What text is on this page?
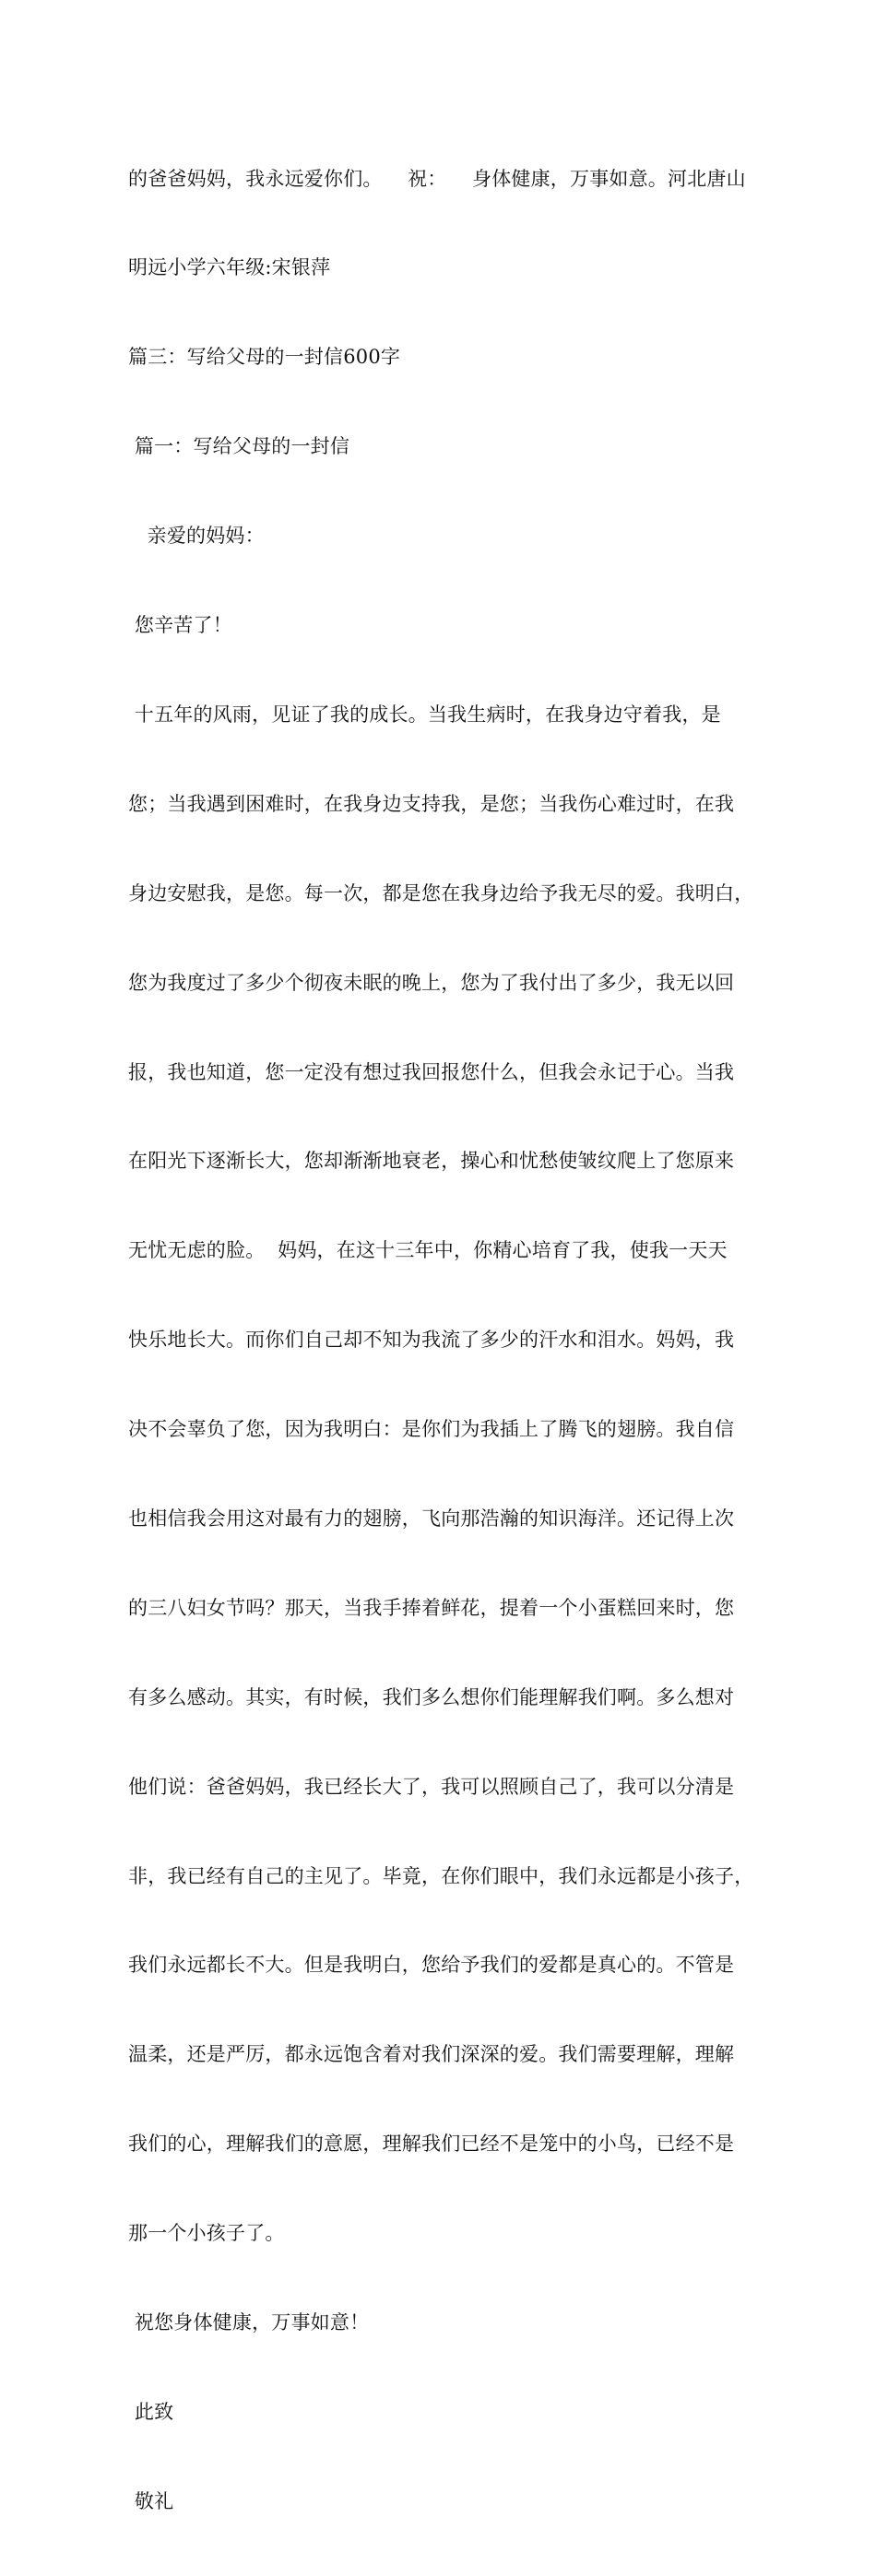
的爸爸妈妈，我永远爱你们。    祝：    身体健康，万事如意。河北唐山

明远小学六年级:宋银萍

篇三：写给父母的一封信600字

篇一：写给父母的一封信

亲爱的妈妈：

您辛苦了！

十五年的风雨，见证了我的成长。当我生病时，在我身边守着我，是

您；当我遇到困难时，在我身边支持我，是您；当我伤心难过时，在我

身边安慰我，是您。每一次，都是您在我身边给予我无尽的爱。我明白，

您为我度过了多少个彻夜未眠的晚上，您为了我付出了多少，我无以回

报，我也知道，您一定没有想过我回报您什么，但我会永记于心。当我

在阳光下逐渐长大，您却渐渐地衰老，操心和忧愁使皱纹爬上了您原来

无忧无虑的脸。  妈妈，在这十三年中，你精心培育了我，使我一天天

快乐地长大。而你们自己却不知为我流了多少的汗水和泪水。妈妈，我

决不会辜负了您，因为我明白：是你们为我插上了腾飞的翅膀。我自信

也相信我会用这对最有力的翅膀，飞向那浩瀚的知识海洋。还记得上次

的三八妇女节吗？那天，当我手捧着鲜花，提着一个小蛋糕回来时，您

有多么感动。其实，有时候，我们多么想你们能理解我们啊。多么想对

他们说：爸爸妈妈，我已经长大了，我可以照顾自己了，我可以分清是

非，我已经有自己的主见了。毕竟，在你们眼中，我们永远都是小孩子，

我们永远都长不大。但是我明白，您给予我们的爱都是真心的。不管是

温柔，还是严厉，都永远饱含着对我们深深的爱。我们需要理解，理解

我们的心，理解我们的意愿，理解我们已经不是笼中的小鸟，已经不是

那一个小孩子了。

祝您身体健康，万事如意！

此致

敬礼
